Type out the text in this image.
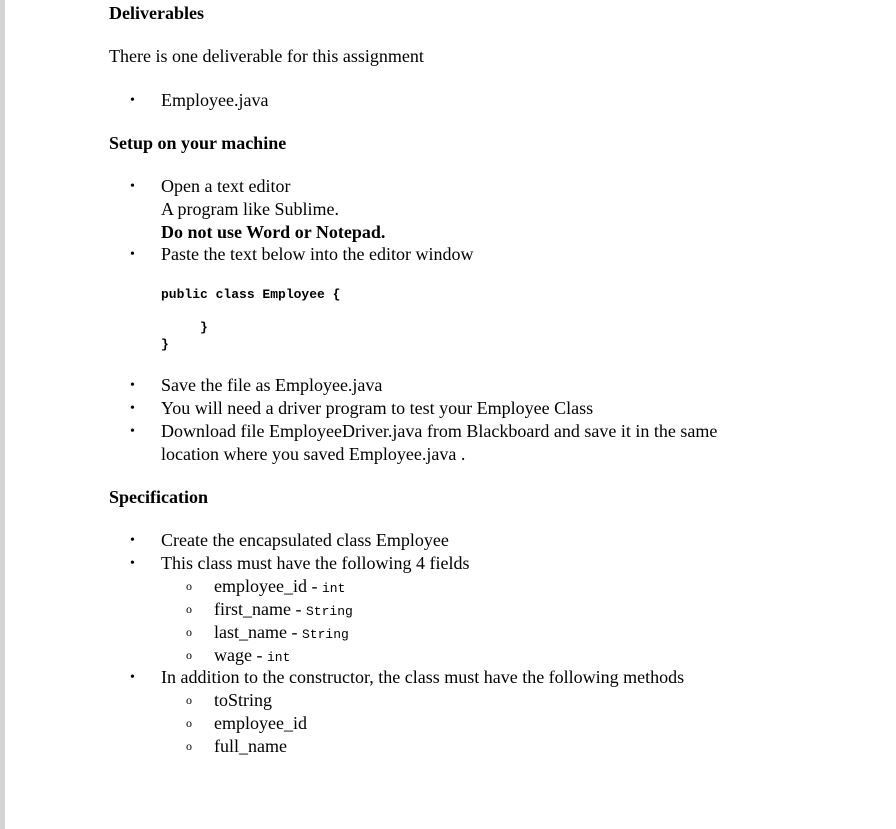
Deliverables
There is one deliverable for this assignment
•	Employee.java
Setup on your machine
•	Open a text editor
A program like Sublime.
Do not use Word or Notepad.
•	Paste the text below into the editor window
public class Employee {
}
}
•	Save the file as Employee.java
•	You will need a driver program to test your Employee Class
•	Download file EmployeeDriver.java from Blackboard and save it in the same
location where you saved Employee.java .
Specification
•	Create the encapsulated class Employee
•	This class must have the following 4 fields
o employee_id - int
o first_name - String
o last_name - String
o wage - int
•	In addition to the constructor, the class must have the following methods
o toString
o employee_id
o full_name
